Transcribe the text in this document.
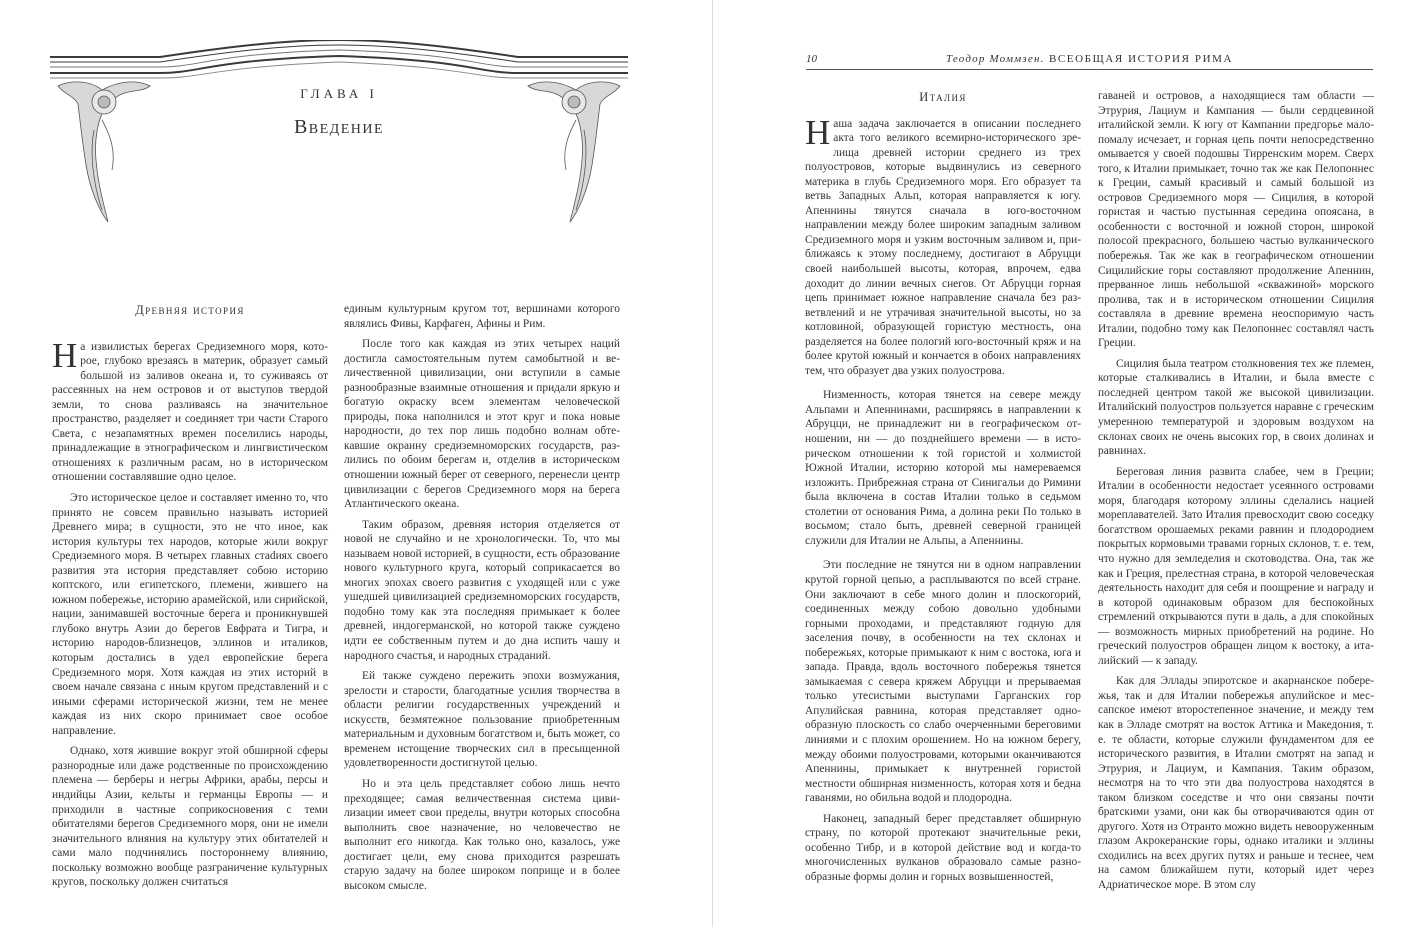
ГЛАВА I
Введение
Древняя история

На извилистых берегах Средиземного моря, которое, глубоко врезаясь в материк, образует самый большой из заливов океана и, то суживаясь от рассеянных на нем островов и от выступов твердой земли, то снова разливаясь на значительное пространство, разделяет и соединяет три части Старого Света, с незапамятных времен поселились народы, принадлежащие в этнографическом и лингвистическом отношениях к различным расам, но в историческом отношении составлявшие одно целое.

Это историческое целое и составляет именно то, что принято не совсем правильно называть историей Древнего мира; в сущности, это не что иное, как история культуры тех народов, которые жили вокруг Средиземного моря. В четырех главных стаdиях своего развития эта история представляет собою историю коптского, или египетского, племени, жившего на южном побережье, историю арамейской, или сирийской, нации, занимавшей восточные берега и проникнувшей глубоко внутрь Азии до берегов Евфрата и Тигра, и историю народов-близнецов, эллинов и италиков, которым достались в удел европейские берега Средиземного моря. Хотя каждая из этих историй в своем начале связана с иным кругом представлений и с иными сферами исторической жизни, тем не менее каждая из них скоро принимает свое особое направление.

Однако, хотя жившие вокруг этой обширной сферы разнородные или даже родственные по происхождению племена — берберы и негры Африки, арабы, персы и индийцы Азии, кельты и германцы Европы — и приходили в частные соприкосновения с теми обитателями берегов Средиземного моря, они не имели значительного влияния на культуру этих обитателей и сами мало подчинялись постороннему влиянию, поскольку возможно вообще разграничение культурных кругов, поскольку должен считаться

единым культурным кругом тот, вершинами которого являлись Фивы, Карфаген, Афины и Рим.

После того как каждая из этих четырех наций достигла самостоятельным путем самобытной и величественной цивилизации, они вступили в самые разнообразные взаимные отношения и придали яркую и богатую окраску всем элементам человеческой природы, пока наполнился и этот круг и пока новые народности, до тех пор лишь подобно волнам обтекавшие окраину средиземноморских государств, разлились по обоим берегам и, отделив в историческом отношении южный берег от северного, перенесли центр цивилизации с берегов Средиземного моря на берега Атлантического океана.

Таким образом, древняя история отделяется от новой не случайно и не хронологически. То, что мы называем новой историей, в сущности, есть образование нового культурного круга, который соприкасается во многих эпохах своего развития с уходящей или с уже ушедшей цивилизацией средиземноморских государств, подобно тому как эта последняя примыкает к более древней, индогерманской, но которой также суждено идти ее собственным путем и до дна испить чашу и народного счастья, и народных страданий.

Ей также суждено пережить эпохи возмужания, зрелости и старости, благодатные усилия творчества в области религии государственных учреждений и искусств, безмятежное пользование приобретенным материальным и духовным богатством и, быть может, со временем истощение творческих сил в пресыщенной удовлетворенности достигнутой целью.

Но и эта цель представляет собою лишь нечто преходящее; самая величественная система цивилизации имеет свои пределы, внутри которых способна выполнить свое назначение, но человечество не выполнит его никогда. Как только оно, казалось, уже достигает цели, ему снова приходится разрешать старую задачу на более широком поприще и в более высоком смысле.

10	Теодор Моммзен. ВСЕОБЩАЯ ИСТОРИЯ РИМА
Италия

Наша задача заключается в описании последнего акта того великого всемирно-исторического зрелища древней истории среднего из трех полуостровов, которые выдвинулись из северного материка в глубь Средиземного моря. Его образует та ветвь Западных Альп, которая направляется к югу. Апеннины тянутся сначала в юго-восточном направлении между более широким западным заливом Средиземного моря и узким восточным заливом и, приближаясь к этому последнему, достигают в Абруцци своей наибольшей высоты, которая, впрочем, едва доходит до линии вечных снегов. От Абруцци горная цепь принимает южное направление сначала без разветвлений и не утрачивая значительной высоты, но за котловиной, образующей гористую местность, она разделяется на более пологий юго-восточный кряж и на более крутой южный и кончается в обоих направлениях тем, что образует два узких полуострова.

Низменность, которая тянется на севере между Альпами и Апеннинами, расширяясь в направлении к Абруцци, не принадлежит ни в географическом отношении, ни — до позднейшего времени — в историческом отношении к той гористой и холмистой Южной Италии, историю которой мы намереваемся изложить. Прибрежная страна от Синигальи до Римини была включена в состав Италии только в седьмом столетии от основания Рима, а долина реки По только в восьмом; стало быть, древней северной границей служили для Италии не Альпы, а Апеннины.

Эти последние не тянутся ни в одном направлении крутой горной цепью, а расплываются по всей стране. Они заключают в себе много долин и плоскогорий, соединенных между собою довольно удобными горными проходами, и представляют годную для заселения почву, в особенности на тех склонах и побережьях, которые примыкают к ним с востока, юга и запада. Правда, вдоль восточного побережья тянется замыкаемая с севера кряжем Абруцци и прерываемая только утесистыми выступами Гарганских гор Апулийская равнина, которая представляет однообразную плоскость со слабо очерченными береговими линиями и с плохим орошением. Но на южном берегу, между обоими полуостровами, которыми оканчиваются Апеннины, примыкает к внутренней гористой местности обширная низменность, которая хотя и бедна гаванями, но обильна водой и плодородна.

Наконец, западный берег представляет обширную страну, по которой протекают значительные реки, особенно Тибр, и в которой действие вод и когда-то многочисленных вулканов образовало самые разнообразные формы долин и горных возвышенностей,

гаваней и островов, а находящиеся там области — Этрурия, Лациум и Кампания — были сердцевиной италийской земли. К югу от Кампании предгорье мало-помалу исчезает, и горная цепь почти непосредственно омывается у своей подошвы Тирренским морем. Сверх того, к Италии примыкает, точно так же как Пелопоннес к Греции, самый красивый и самый большой из островов Средиземного моря — Сицилия, в которой гористая и частью пустынная середина опоясана, в особенности с восточной и южной сторон, широкой полосой прекрасного, большею частью вулканического побережья. Так же как в географическом отношении Сицилийские горы составляют продолжение Апеннин, прерванное лишь небольшой «скважиной» морского пролива, так и в историческом отношении Сицилия составляла в древние времена неоспоримую часть Италии, подобно тому как Пелопоннес составлял часть Греции.

Сицилия была театром столкновения тех же племен, которые сталкивались в Италии, и была вместе с последней центром такой же высокой цивилизации. Италийский полуостров пользуется наравне с греческим умеренною температурой и здоровым воздухом на склонах своих не очень высоких гор, в своих долинах и равнинах.

Береговая линия развита слабее, чем в Греции; Италии в особенности недостает усеянного островами моря, благодаря которому эллины сделались нацией мореплавателей. Зато Италия превосходит свою соседку богатством орошаемых реками равнин и плодородием покрытых кормовыми травами горных склонов, т. е. тем, что нужно для земледелия и скотоводства. Она, так же как и Греция, прелестная страна, в которой человеческая деятельность находит для себя и поощрение и награду и в которой одинаковым образом для беспокойных стремлений открываются пути в даль, а для спокойных — возможность мирных приобретений на родине. Но греческий полуостров обращен лицом к востоку, а италийский — к западу.

Как для Эллады эпиротское и акарнанское побережья, так и для Италии побережья апулийское и мессапское имеют второстепенное значение, и между тем как в Элладе смотрят на восток Аттика и Македония, т. е. те области, которые служили фундаментом для ее исторического развития, в Италии смотрят на запад и Этрурия, и Лациум, и Кампания. Таким образом, несмотря на то что эти два полуострова находятся в таком близком соседстве и что они связаны почти братскими узами, они как бы отворачиваются один от другого. Хотя из Отранто можно видеть невооруженным глазом Акрокеранские горы, однако италики и эллины сходились на всех других путях и раньше и теснее, чем на самом ближайшем пути, который идет через Адриатическое море. В этом слу
